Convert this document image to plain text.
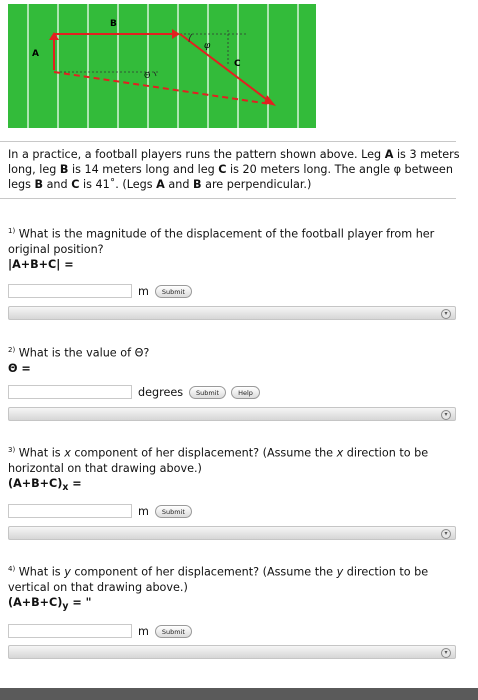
A
B
C
φ
Θ
In a practice, a football players runs the pattern shown above. Leg A is 3 meters long, leg B is 14 meters long and leg C is 20 meters long. The angle φ between legs B and C is 41˚. (Legs A and B are perpendicular.)
$^{1)}$ What is the magnitude of the displacement of the football player from her original position?
|A+B+C| =
m	Submit
▾
$^{2)}$ What is the value of Θ?
Θ =
degrees	Submit	Help
▾
$^{3)}$ What is x component of her displacement? (Assume the x direction to be horizontal on that drawing above.)
$(A+B+C)_x$ =
m	Submit
▾
$^{4)}$ What is y component of her displacement? (Assume the y direction to be vertical on that drawing above.)
$(A+B+C)_y$ = "
m	Submit
▾
